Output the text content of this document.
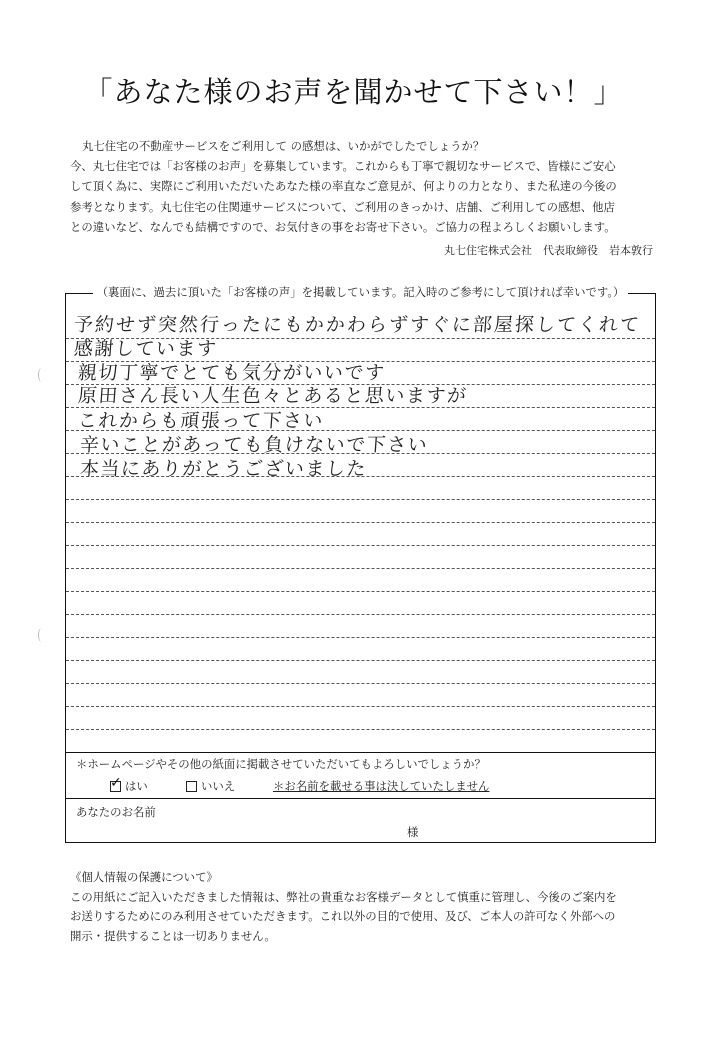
「あなた様のお声を聞かせて下さい！」

丸七住宅の不動産サービスをご利用して の感想は、いかがでしたでしょうか？

今、丸七住宅では「お客様のお声」を募集しています。これからも丁寧で親切なサービスで、皆様にご安心

して頂く為に、実際にご利用いただいたあなた様の率直なご意見が、何よりの力となり、また私達の今後の

参考となります。丸七住宅の住関連サービスについて、ご利用のきっかけ、店舗、ご利用しての感想、他店

との違いなど、なんでも結構ですので、お気付きの事をお寄せ下さい。ご協力の程よろしくお願いします。

丸七住宅株式会社　代表取締役　岩本敦行
（裏面に、過去に頂いた「お客様の声」を掲載しています。記入時のご参考にして頂ければ幸いです。）
予約せず突然行ったにもかかわらずすぐに部屋探してくれて
感謝しています
親切丁寧でとても気分がいいです
原田さん長い人生色々とあると思いますが
これからも頑張って下さい
辛いことがあっても負けないで下さい
本当にありがとうございました
＊ホームページやその他の紙面に掲載させていただいてもよろしいでしょうか？
✓ はい	いいえ	＊お名前を載せる事は決していたしません
あなたのお名前
様

《個人情報の保護について》

この用紙にご記入いただきました情報は、弊社の貴重なお客様データとして慎重に管理し、今後のご案内を

お送りするためにのみ利用させていただきます。これ以外の目的で使用、及び、ご本人の許可なく外部への

開示・提供することは一切ありません。
